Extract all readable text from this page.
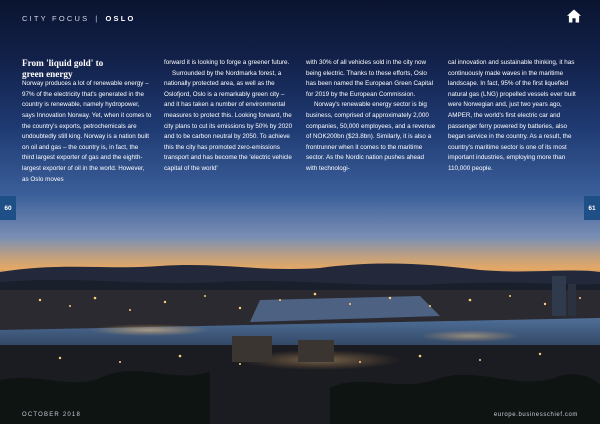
CITY FOCUS | OSLO
From 'liquid gold' to
green energy

Norway produces a lot of renewable energy – 97% of the electricity that's generated in the country is renewable, namely hydropower, says Innovation Norway. Yet, when it comes to the country's exports, petrochemicals are undoubtedly still king. Norway is a nation built on oil and gas – the country is, in fact, the third largest exporter of gas and the eighth-largest exporter of oil in the world. However, as Oslo moves

forward it is looking to forge a greener future.

Surrounded by the Nordmarka forest, a nationally protected area, as well as the Oslofjord, Oslo is a remarkably green city – and it has taken a number of environmental measures to protect this. Looking forward, the city plans to cut its emissions by 50% by 2020 and to be carbon neutral by 2050. To achieve this the city has promoted zero-emissions transport and has become the 'electric vehicle capital of the world'

with 30% of all vehicles sold in the city now being electric. Thanks to these efforts, Oslo has been named the European Green Capital for 2019 by the European Commission.

Norway's renewable energy sector is big business, comprised of approximately 2,000 companies, 50,000 employees, and a revenue of NOK200bn ($23.8bn). Similarly, it is also a frontrunner when it comes to the maritime sector. As the Nordic nation pushes ahead with technologi-

cal innovation and sustainable thinking, it has continuously made waves in the maritime landscape. In fact, 95% of the first liquefied natural gas (LNG) propelled vessels ever built were Norwegian and, just two years ago, AMPER, the world's first electric car and passenger ferry powered by batteries, also began service in the country. As a result, the country's maritime sector is one of its most important industries, employing more than 110,000 people.

60	61
OCTOBER 2018	europe.businesschief.com
